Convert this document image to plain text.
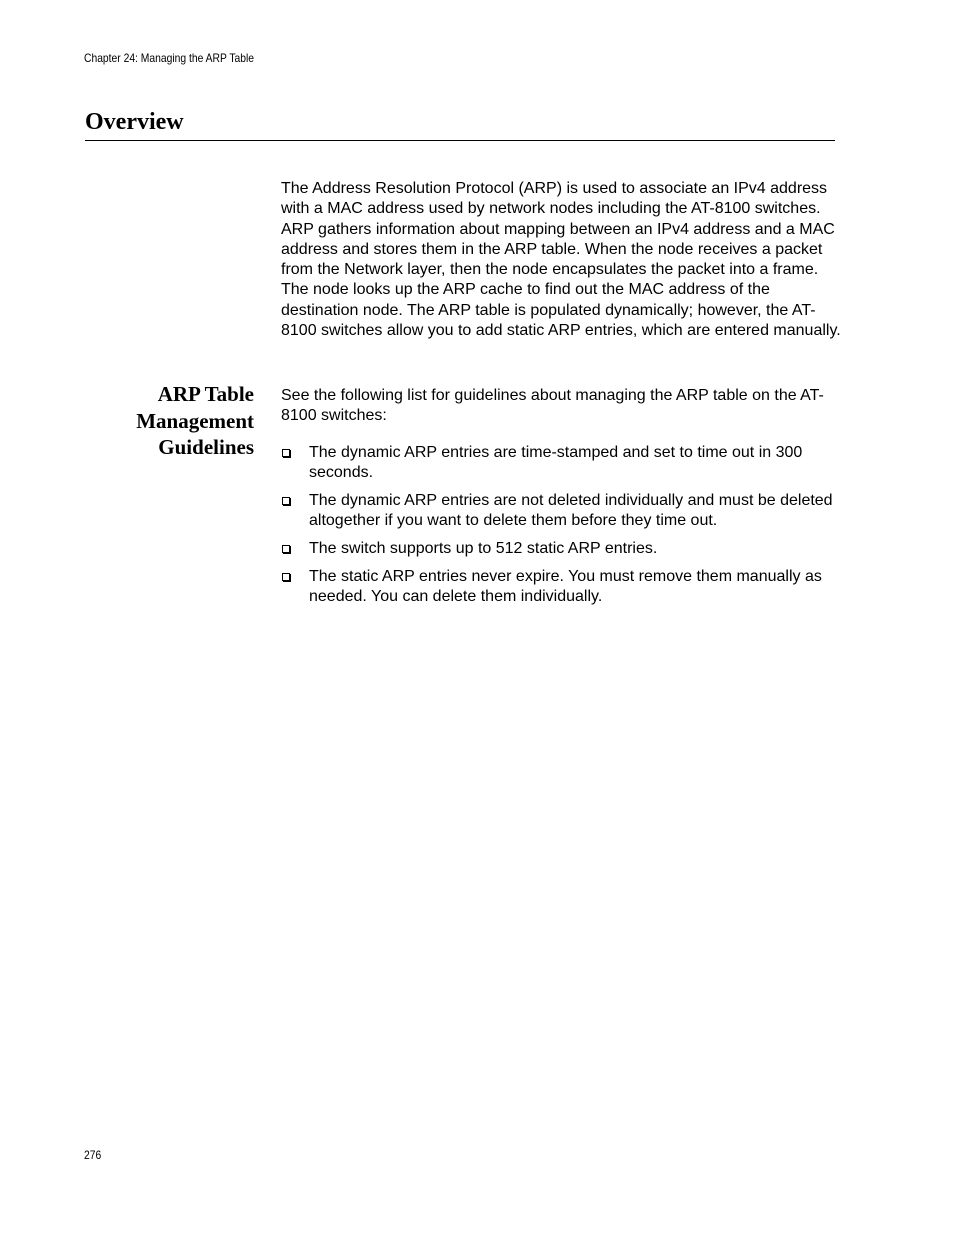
Chapter 24: Managing the ARP Table
Overview

The Address Resolution Protocol (ARP) is used to associate an IPv4 address with a MAC address used by network nodes including the AT-8100 switches. ARP gathers information about mapping between an IPv4 address and a MAC address and stores them in the ARP table. When the node receives a packet from the Network layer, then the node encapsulates the packet into a frame. The node looks up the ARP cache to find out the MAC address of the destination node. The ARP table is populated dynamically; however, the AT-8100 switches allow you to add static ARP entries, which are entered manually.

ARP Table
Management
Guidelines

See the following list for guidelines about managing the ARP table on the AT-8100 switches:

The dynamic ARP entries are time-stamped and set to time out in 300 seconds.
The dynamic ARP entries are not deleted individually and must be deleted altogether if you want to delete them before they time out.
The switch supports up to 512 static ARP entries.
The static ARP entries never expire. You must remove them manually as needed. You can delete them individually.
276
